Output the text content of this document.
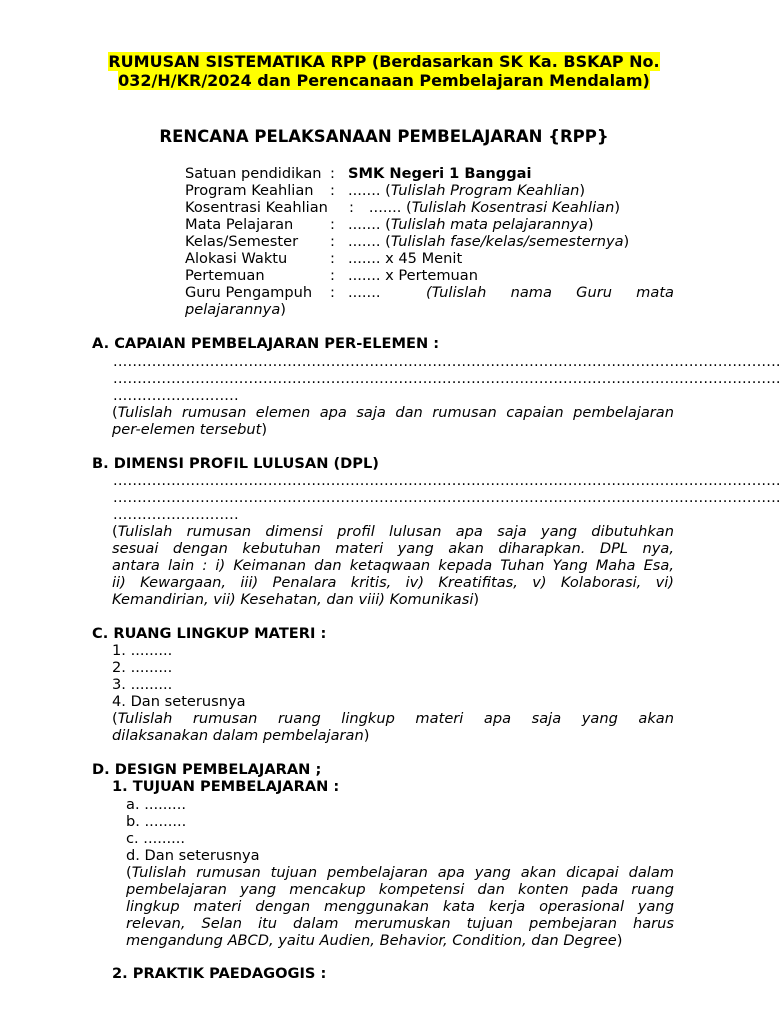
RUMUSAN SISTEMATIKA RPP (Berdasarkan SK Ka. BSKAP No. 032/H/KR/2024 dan Perencanaan Pembelajaran Mendalam)
RENCANA PELAKSANAAN PEMBELAJARAN {RPP}
Satuan pendidikan : SMK Negeri 1 Banggai
Program Keahlian : ....... (Tulislah Program Keahlian)
Kosentrasi Keahlian : ....... (Tulislah Kosentrasi Keahlian)
Mata Pelajaran	: ....... (Tulislah mata pelajarannya)
Kelas/Semester : ....... (Tulislah fase/kelas/semesternya)
Alokasi Waktu	: ....... x 45 Menit
Pertemuan	: ....... x Pertemuan
Guru Pengampuh : .......	(Tulislah nama Guru mata
pelajarannya)
A. CAPAIAN PEMBELAJARAN PER-ELEMEN :
..........................................................................................................................................
..........................................................................................................................................
..........................
(Tulislah rumusan elemen apa saja dan rumusan capaian pembelajaran
per-elemen tersebut)
B. DIMENSI PROFIL LULUSAN (DPL)
..........................................................................................................................................
..........................................................................................................................................
..........................
(Tulislah rumusan dimensi profil lulusan apa saja yang dibutuhkan
sesuai dengan kebutuhan materi yang akan diharapkan. DPL nya,
antara lain : i) Keimanan dan ketaqwaan kepada Tuhan Yang Maha Esa,
ii) Kewargaan, iii) Penalara kritis, iv) Kreatifitas, v) Kolaborasi, vi)
Kemandirian, vii) Kesehatan, dan viii) Komunikasi)
C. RUANG LINGKUP MATERI :
1. .........
2. .........
3. .........
4. Dan seterusnya
(Tulislah rumusan ruang lingkup materi apa saja yang akan
dilaksanakan dalam pembelajaran)
D. DESIGN PEMBELAJARAN ;
1. TUJUAN PEMBELAJARAN :
a. .........
b. .........
c. .........
d. Dan seterusnya
(Tulislah rumusan tujuan pembelajaran apa yang akan dicapai dalam
pembelajaran yang mencakup kompetensi dan konten pada ruang
lingkup materi dengan menggunakan kata kerja operasional yang
relevan, Selan itu dalam merumuskan tujuan pembejaran harus
mengandung ABCD, yaitu Audien, Behavior, Condition, dan Degree)
2. PRAKTIK PAEDAGOGIS :
